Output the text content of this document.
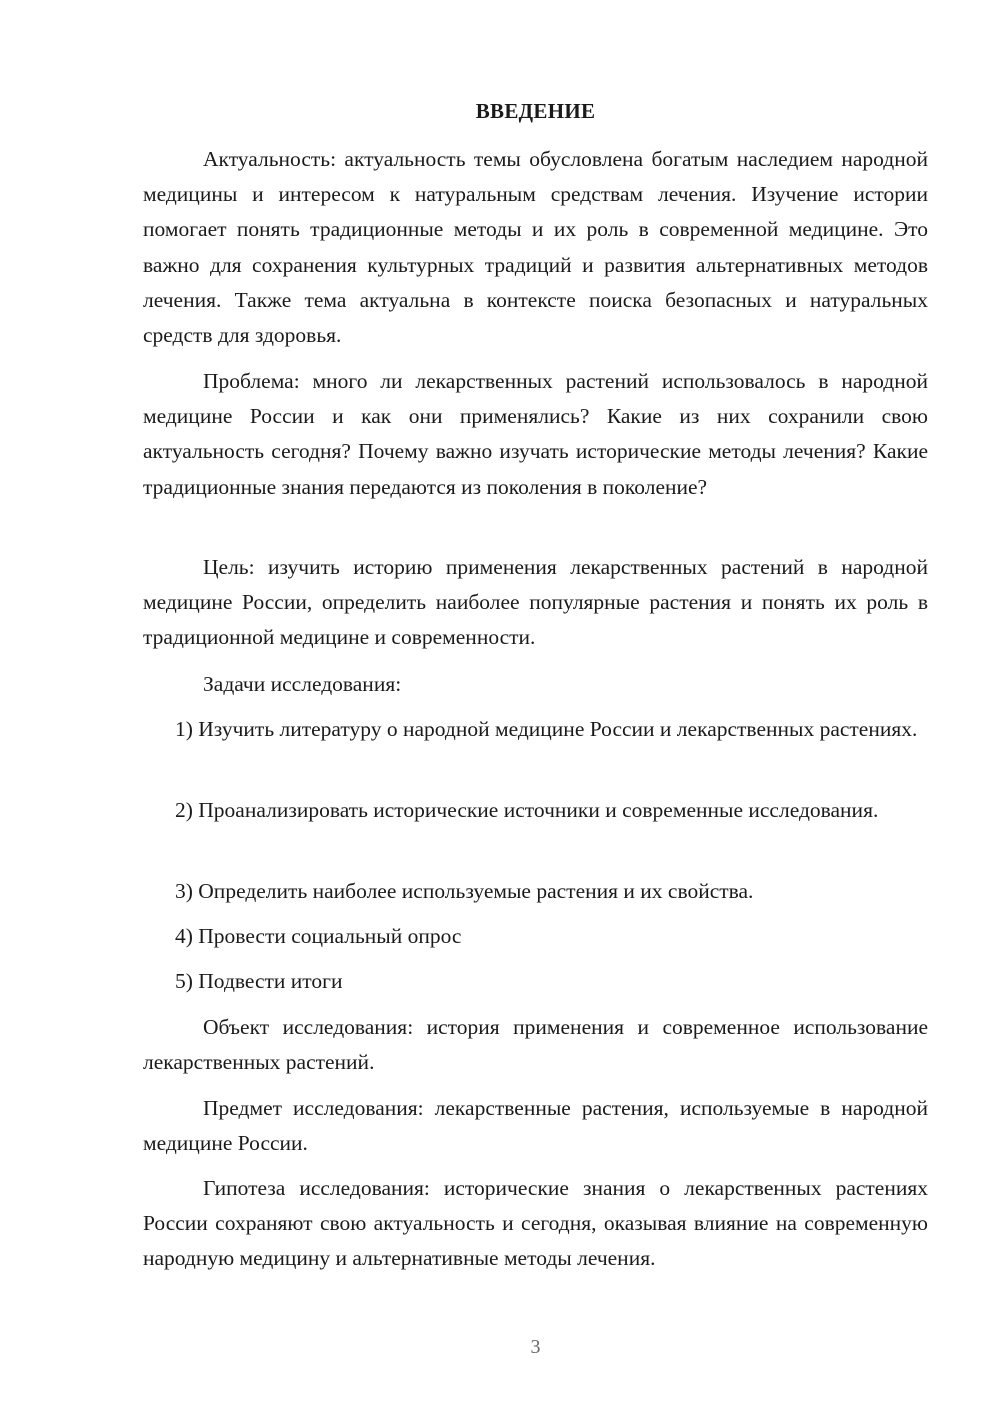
ВВЕДЕНИЕ

Актуальность: актуальность темы обусловлена богатым наследием народной медицины и интересом к натуральным средствам лечения. Изучение истории помогает понять традиционные методы и их роль в современной медицине. Это важно для сохранения культурных традиций и развития альтернативных методов лечения. Также тема актуальна в контексте поиска безопасных и натуральных средств для здоровья.

Проблема: много ли лекарственных растений использовалось в народной медицине России и как они применялись? Какие из них сохранили свою актуальность сегодня? Почему важно изучать исторические методы лечения? Какие традиционные знания передаются из поколения в поколение?

Цель: изучить историю применения лекарственных растений в народной медицине России, определить наиболее популярные растения и понять их роль в традиционной медицине и современности.

Задачи исследования:

1) Изучить литературу о народной медицине России и лекарственных растениях.

2) Проанализировать исторические источники и современные исследования.

3) Определить наиболее используемые растения и их свойства.

4) Провести социальный опрос

5) Подвести итоги

Объект исследования: история применения и современное использование лекарственных растений.

Предмет исследования: лекарственные растения, используемые в народной медицине России.

Гипотеза исследования: исторические знания о лекарственных растениях России сохраняют свою актуальность и сегодня, оказывая влияние на современную народную медицину и альтернативные методы лечения.

3
